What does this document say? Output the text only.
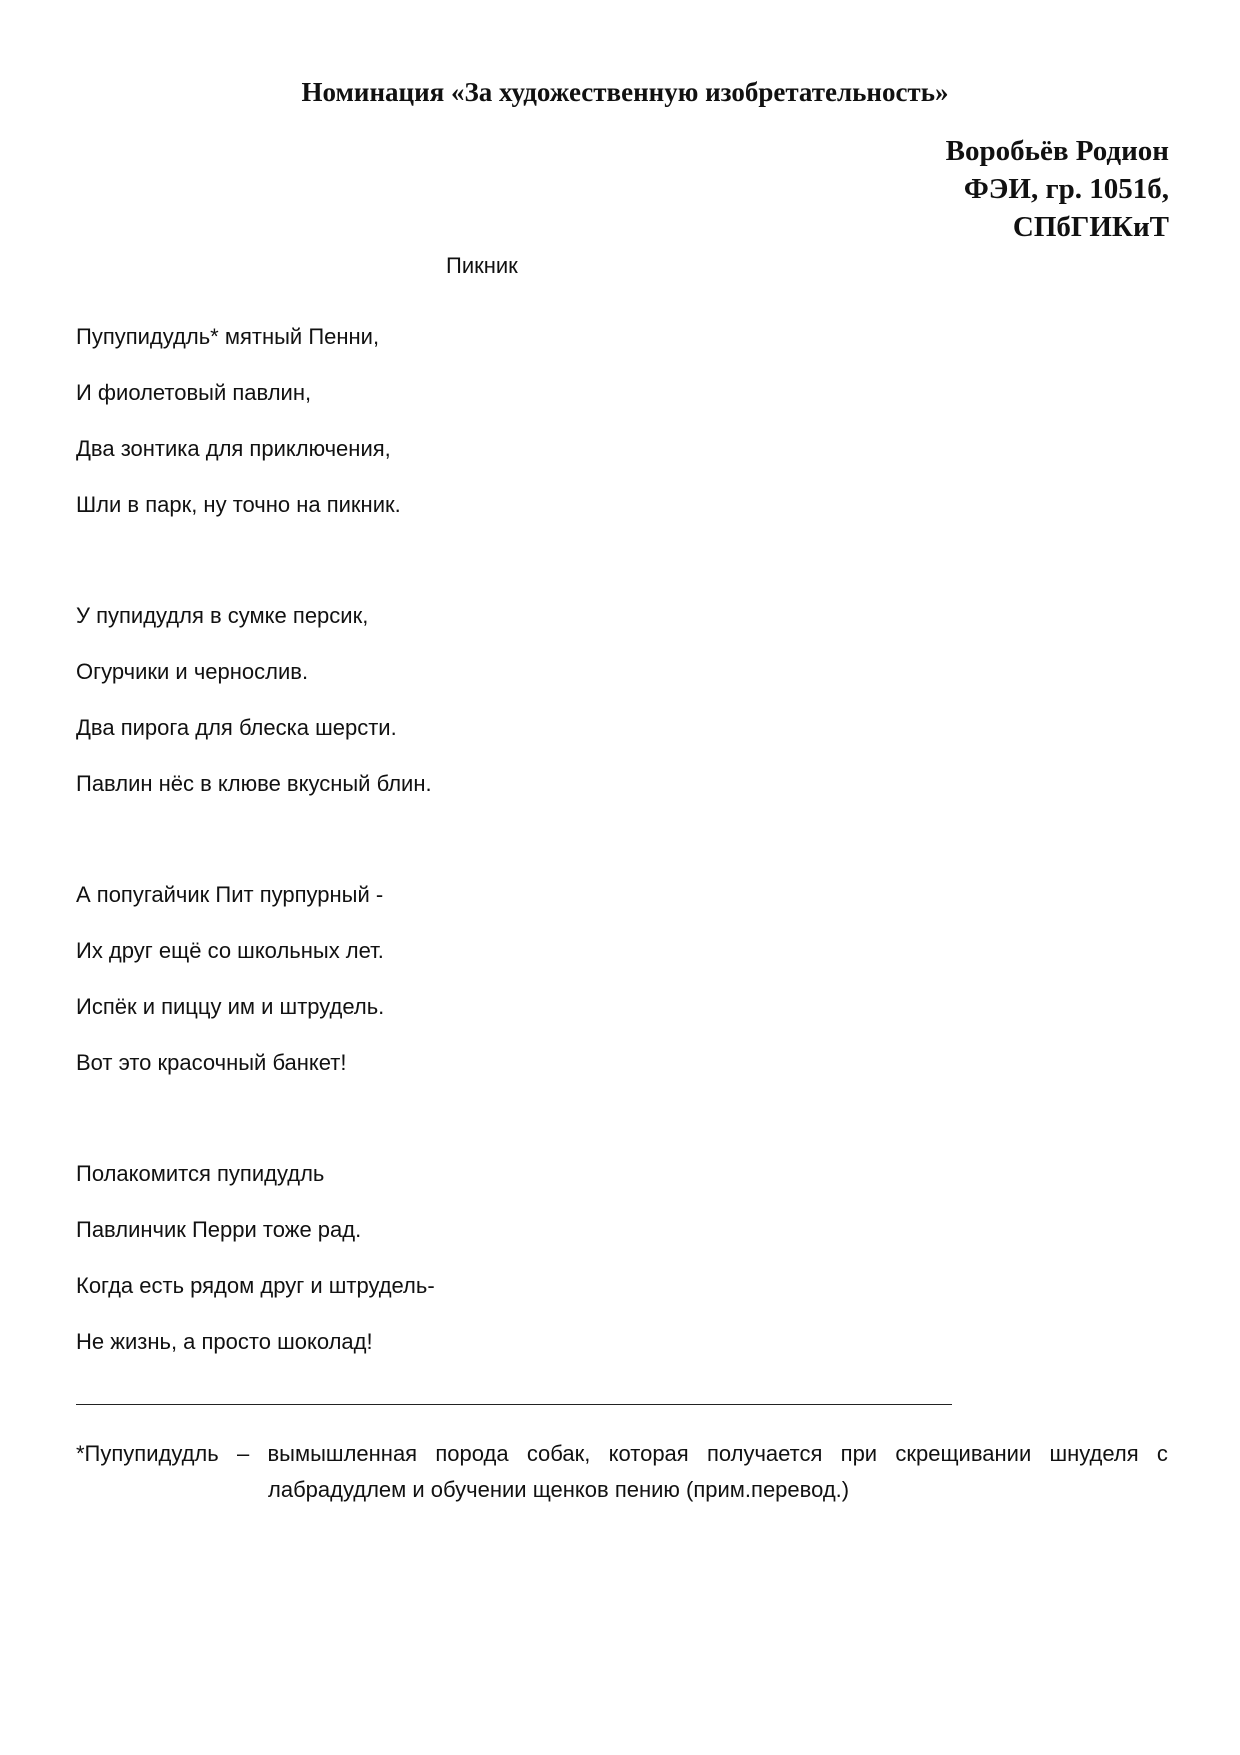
Номинация «За художественную изобретательность»
Воробьёв Родион
ФЭИ, гр. 1051б,
СПбГИКиТ
Пикник
Пупупидудль* мятный Пенни,
И фиолетовый павлин,
Два зонтика для приключения,
Шли в парк, ну точно на пикник.
У пупидудля в сумке персик,
Огурчики и чернослив.
Два пирога для блеска шерсти.
Павлин нёс в клюве вкусный блин.
А попугайчик Пит пурпурный -
Их друг ещё со школьных лет.
Испёк и пиццу им и штрудель.
Вот это красочный банкет!
Полакомится пупидудль
Павлинчик Перри тоже рад.
Когда есть рядом друг и штрудель-
Не жизнь, а просто шоколад!
*Пупупидудль – вымышленная порода собак, которая получается при скрещивании шнуделя с
лабрадудлем и обучении щенков пению (прим.перевод.)
